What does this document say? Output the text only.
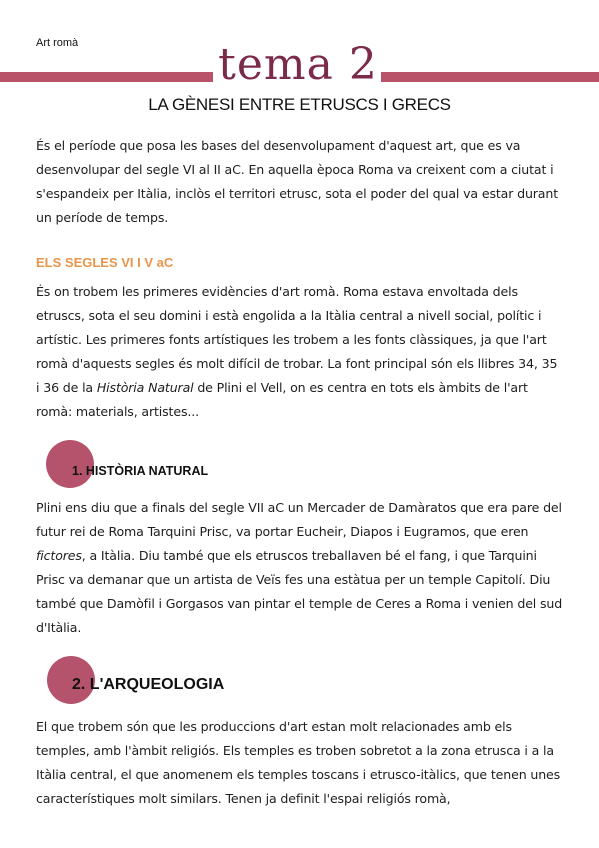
Art romà	tema 2
LA GÈNESI ENTRE ETRUSCS I GRECS
És el període que posa les bases del desenvolupament d'aquest art, que es va desenvolupar del segle VI al II aC. En aquella època Roma va creixent com a ciutat i s'espandeix per Itàlia, inclòs el territori etrusc, sota el poder del qual va estar durant un període de temps.
ELS SEGLES VI I V aC
És on trobem les primeres evidències d'art romà. Roma estava envoltada dels etruscs, sota el seu domini i està engolida a la Itàlia central a nivell social, polític i artístic. Les primeres fonts artístiques les trobem a les fonts clàssiques, ja que l'art romà d'aquests segles és molt difícil de trobar. La font principal són els llibres 34, 35 i 36 de la Història Natural de Plini el Vell, on es centra en tots els àmbits de l'art romà: materials, artistes...
1. HISTÒRIA NATURAL
Plini ens diu que a finals del segle VII aC un Mercader de Damàratos que era pare del futur rei de Roma Tarquini Prisc, va portar Eucheir, Diapos i Eugramos, que eren fictores, a Itàlia. Diu també que els etruscos treballaven bé el fang, i que Tarquini Prisc va demanar que un artista de Veïs fes una estàtua per un temple Capitolí. Diu també que Damòfil i Gorgasos van pintar el temple de Ceres a Roma i venien del sud d'Itàlia.
2. L'ARQUEOLOGIA
El que trobem són que les produccions d'art estan molt relacionades amb els temples, amb l'àmbit religiós. Els temples es troben sobretot a la zona etrusca i a la Itàlia central, el que anomenem els temples toscans i etrusco-itàlics, que tenen unes característiques molt similars. Tenen ja definit l'espai religiós romà,
